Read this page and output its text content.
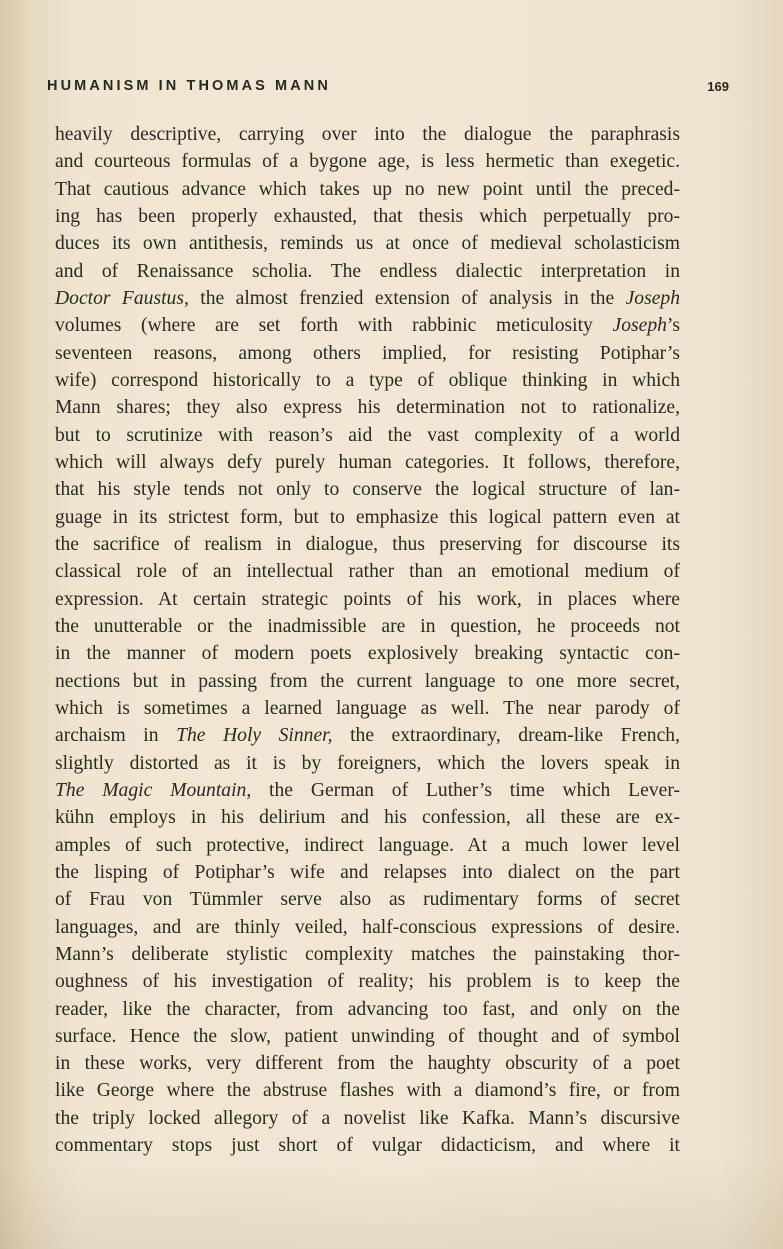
HUMANISM IN THOMAS MANN	169
heavily descriptive, carrying over into the dialogue the paraphrasis
and courteous formulas of a bygone age, is less hermetic than exegetic.
That cautious advance which takes up no new point until the preced-
ing has been properly exhausted, that thesis which perpetually pro-
duces its own antithesis, reminds us at once of medieval scholasticism
and of Renaissance scholia. The endless dialectic interpretation in
Doctor Faustus, the almost frenzied extension of analysis in the Joseph
volumes (where are set forth with rabbinic meticulosity Joseph’s
seventeen reasons, among others implied, for resisting Potiphar’s
wife) correspond historically to a type of oblique thinking in which
Mann shares; they also express his determination not to rationalize,
but to scrutinize with reason’s aid the vast complexity of a world
which will always defy purely human categories. It follows, therefore,
that his style tends not only to conserve the logical structure of lan-
guage in its strictest form, but to emphasize this logical pattern even at
the sacrifice of realism in dialogue, thus preserving for discourse its
classical role of an intellectual rather than an emotional medium of
expression. At certain strategic points of his work, in places where
the unutterable or the inadmissible are in question, he proceeds not
in the manner of modern poets explosively breaking syntactic con-
nections but in passing from the current language to one more secret,
which is sometimes a learned language as well. The near parody of
archaism in The Holy Sinner, the extraordinary, dream-like French,
slightly distorted as it is by foreigners, which the lovers speak in
The Magic Mountain, the German of Luther’s time which Lever-
kühn employs in his delirium and his confession, all these are ex-
amples of such protective, indirect language. At a much lower level
the lisping of Potiphar’s wife and relapses into dialect on the part
of Frau von Tümmler serve also as rudimentary forms of secret
languages, and are thinly veiled, half-conscious expressions of desire.
Mann’s deliberate stylistic complexity matches the painstaking thor-
oughness of his investigation of reality; his problem is to keep the
reader, like the character, from advancing too fast, and only on the
surface. Hence the slow, patient unwinding of thought and of symbol
in these works, very different from the haughty obscurity of a poet
like George where the abstruse flashes with a diamond’s fire, or from
the triply locked allegory of a novelist like Kafka. Mann’s discursive
commentary stops just short of vulgar didacticism, and where it
